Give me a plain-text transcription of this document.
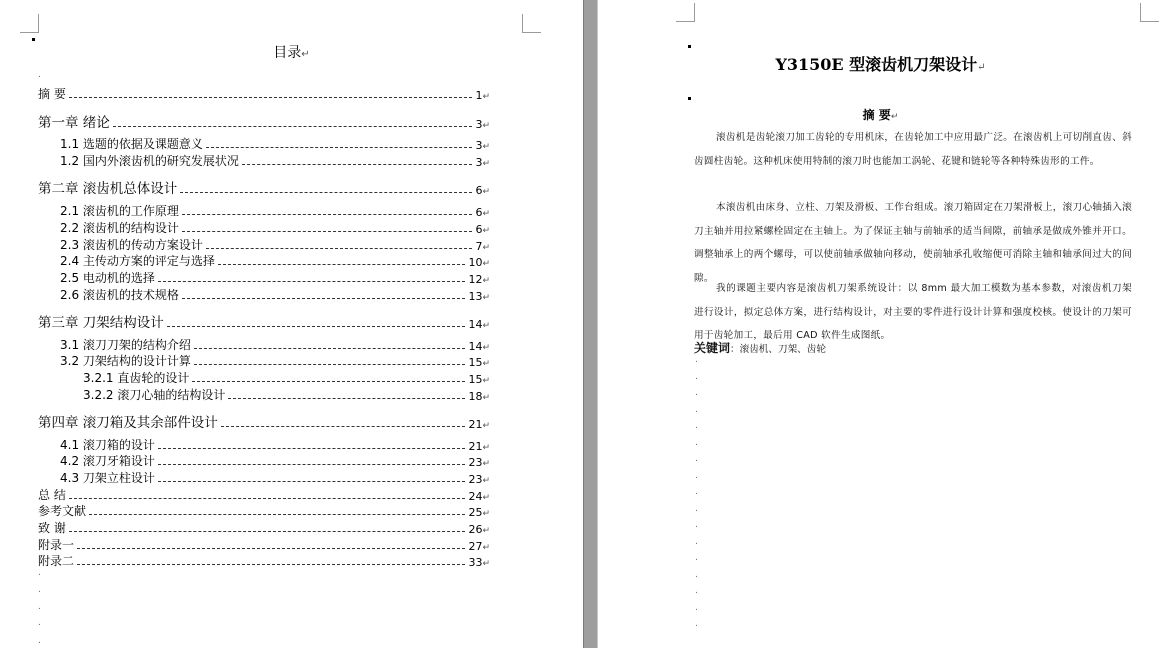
目录↵
摘 要	1↵
第一章 绪论	3↵
1.1 选题的依据及课题意义	3↵
1.2 国内外滚齿机的研究发展状况	3↵
第二章 滚齿机总体设计	6↵
2.1 滚齿机的工作原理	6↵
2.2 滚齿机的结构设计	6↵
2.3 滚齿机的传动方案设计	7↵
2.4 主传动方案的评定与选择	10↵
2.5 电动机的选择	12↵
2.6 滚齿机的技术规格	13↵
第三章 刀架结构设计	14↵
3.1 滚刀刀架的结构介绍	14↵
3.2 刀架结构的设计计算	15↵
3.2.1 直齿轮的设计	15↵
3.2.2 滚刀心轴的结构设计	18↵
第四章 滚刀箱及其余部件设计	21↵
4.1 滚刀箱的设计	21↵
4.2 滚刀牙箱设计	23↵
4.3 刀架立柱设计	23↵
总 结	24↵
参考文献	25↵
致 谢	26↵
附录一	27↵
附录二	33↵
Y3150E 型滚齿机刀架设计↵
摘 要↵
滚齿机是齿轮滚刀加工齿轮的专用机床，在齿轮加工中应用最广泛。在滚齿机上可切削直齿、斜齿圆柱齿轮。这种机床使用特制的滚刀时也能加工涡轮、花键和链轮等各种特殊齿形的工件。
本滚齿机由床身、立柱、刀架及滑板、工作台组成。滚刀箱固定在刀架滑板上，滚刀心轴插入滚刀主轴并用拉紧螺栓固定在主轴上。为了保证主轴与前轴承的适当间隙，前轴承是做成外锥并开口。调整轴承上的两个螺母，可以使前轴承做轴向移动，使前轴承孔收缩便可消除主轴和轴承间过大的间隙。
我的课题主要内容是滚齿机刀架系统设计：以 8mm 最大加工模数为基本参数，对滚齿机刀架进行设计，拟定总体方案，进行结构设计，对主要的零件进行设计计算和强度校核。使设计的刀架可用于齿轮加工，最后用 CAD 软件生成图纸。
关键词：滚齿机、刀架、齿轮
.
.
.
.
.
.
.
.
.
.
.
.
.
.
.
.
.
.
.
.
.
.
.
